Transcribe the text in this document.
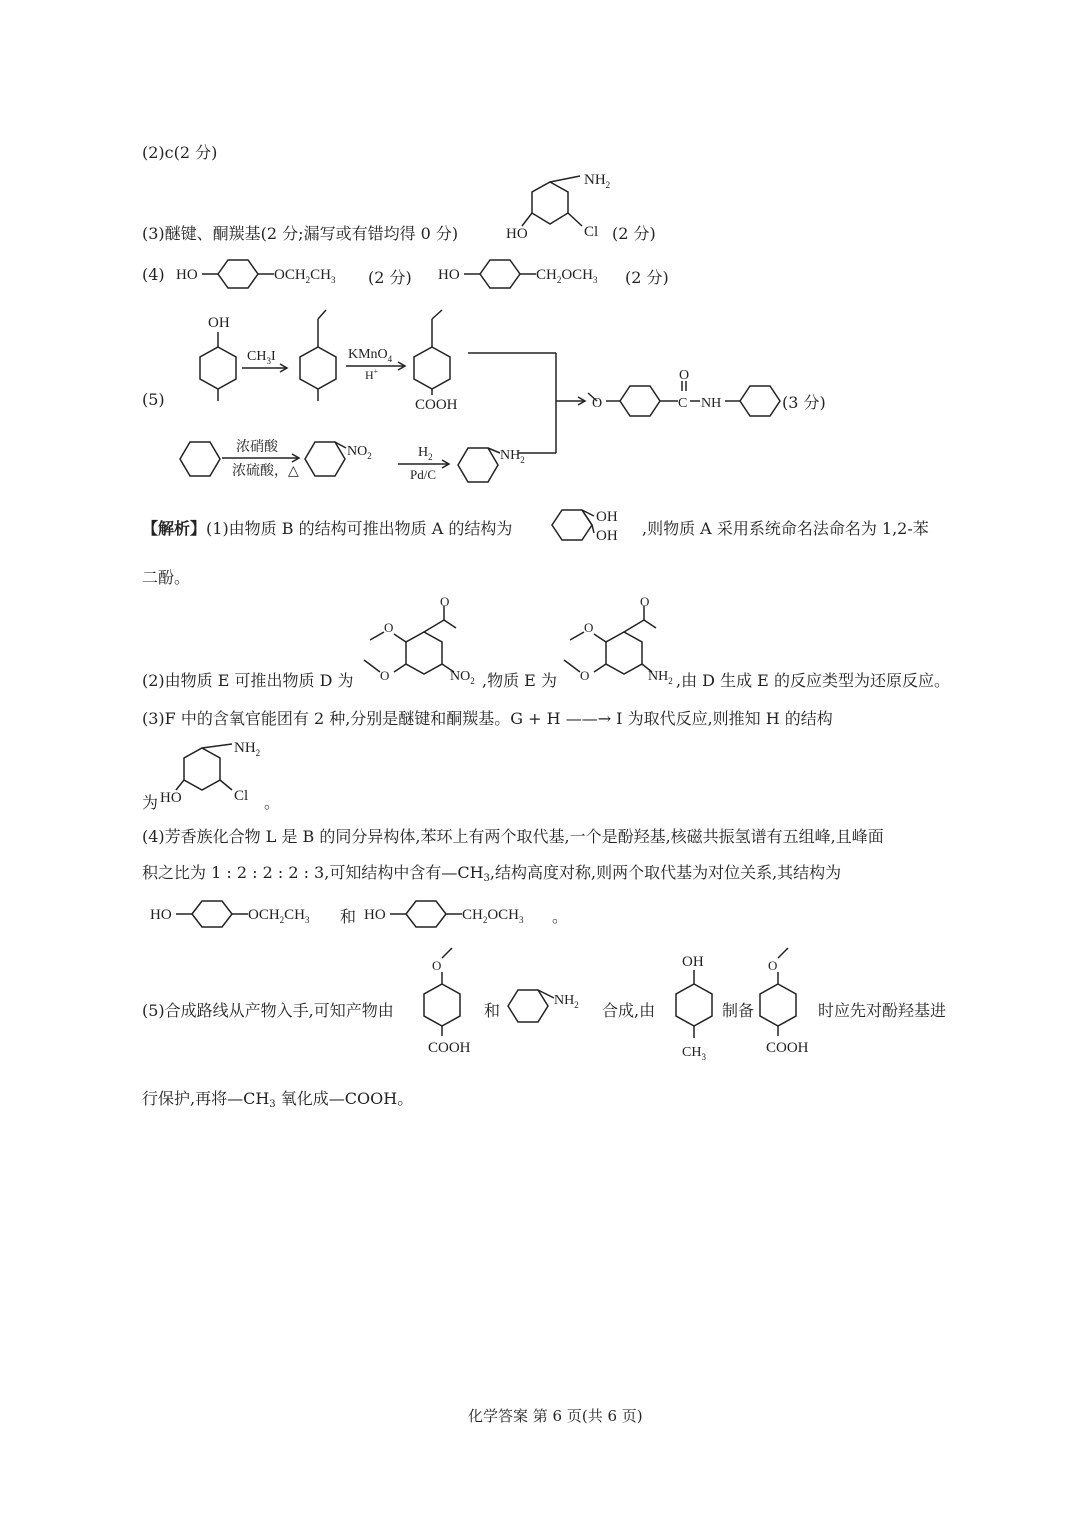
(2)c(2 分)
(3)醚键、酮羰基(2 分;漏写或有错均得 0 分)
$NH_2$
Cl
HO	(2 分)
(4) HO	$OCH_2CH_3$ (2 分) HO	$CH_2OCH_3$ (2 分)
(5)
OH
$CH_3I$	KMnO$_4$
H+
COOH	O	C
O
NH
浓硝酸
浓硫酸，△
$NO_2$	$H_2$
Pd/C
$NH_2$
(3 分)
【解析】(1)由物质 B 的结构可推出物质 A 的结构为
OH
OH ,则物质 A 采用系统命名法命名为 1,2-苯
二酚。
(2)由物质 E 可推出物质 D 为
O
O
O	$NO_2$ ,物质 E 为
O
O
O	$NH_2$ ,由 D 生成 E 的反应类型为还原反应。
(3)F 中的含氧官能团有 2 种,分别是醚键和酮羰基。G + H ——→ I 为取代反应,则推知 H 的结构
为
$NH_2$
Cl
HO	。
(4)芳香族化合物 L 是 B 的同分异构体,苯环上有两个取代基,一个是酚羟基,核磁共振氢谱有五组峰,且峰面
积之比为 1 : 2 : 2 : 2 : 3,可知结构中含有$—CH_3$,结构高度对称,则两个取代基为对位关系,其结构为
HO	$OCH_2CH_3$ 和 HO	$CH_2OCH_3$ 。
(5)合成路线从产物入手,可知产物由
O
COOH
和
$NH_2$ 合成,由
OH
$CH_3$
制备
O
COOH
时应先对酚羟基进
行保护,再将$—CH_3$ 氧化成—COOH。
化学答案 第 6 页(共 6 页)
